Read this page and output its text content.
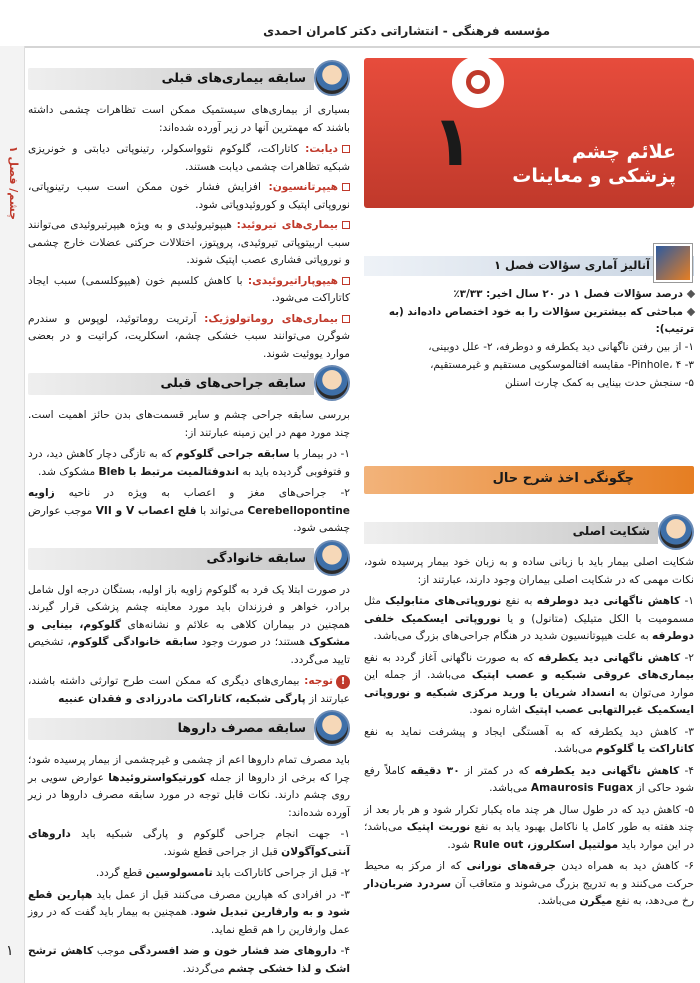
مؤسسه فرهنگی - انتشاراتی دکتر کامران احمدی
چشم/ فصل ۱
۱
سابقه بیماری‌های قبلی

بسیاری از بیماری‌های سیستمیک ممکن است تظاهرات چشمی داشته باشند که مهمترین آنها در زیر آورده شده‌اند:

دیابت: کاتاراکت، گلوکوم نئوواسکولر، رتینوپاتی دیابتی و خونریزی شبکیه تظاهرات چشمی دیابت هستند.
هیپرتانسیون: افزایش فشار خون ممکن است سبب رتینوپاتی، نوروپاتی اپتیک و کوروئیدوپاتی شود.
بیماری‌های تیروئید: هیپوتیروئیدی و به ویژه هیپرتیروئیدی می‌توانند سبب اربیتوپاتی تیروئیدی، پروپتوز، اختلالات حرکتی عضلات خارج چشمی و نوروپاتی فشاری عصب اپتیک شوند.
هیپوپاراتیروئیدی: با کاهش کلسیم خون (هیپوکلسمی) سبب ایجاد کاتاراکت می‌شود.
بیماری‌های روماتولوژیک: آرتریت روماتوئید، لوپوس و سندرم شوگرن می‌توانند سبب خشکی چشم، اسکلریت، کراتیت و در بعضی موارد یووئیت شوند.
سابقه جراحی‌های قبلی

بررسی سابقه جراحی چشم و سایر قسمت‌های بدن حائز اهمیت است. چند مورد مهم در این زمینه عبارتند از:

۱- در بیمار با سابقه جراحی گلوکوم که به تازگی دچار کاهش دید، درد و فتوفوبی گردیده باید به اندوفتالمیت مرتبط با Bleb مشکوک شد.

۲- جراحی‌های مغز و اعصاب به ویژه در ناحیه زاویه Cerebellopontine می‌تواند با فلج اعصاب V و VII موجب عوارض چشمی شود.

سابقه خانوادگی

در صورت ابتلا یک فرد به گلوکوم زاویه باز اولیه، بستگان درجه اول شامل برادر، خواهر و فرزندان باید مورد معاینه چشم پزشکی قرار گیرند. همچنین در بیماران کلاهی به علائم و نشانه‌های گلوکوم، بینایی و مشکوک هستند؛ در صورت وجود سابقه خانوادگی گلوکوم، تشخیص تایید می‌گردد.

!توجه: بیماری‌های دیگری که ممکن است طرح توارثی داشته باشند، عبارتند از پارگی شبکیه، کاتاراکت مادرزادی و فقدان عنبیه

سابقه مصرف داروها

باید مصرف تمام داروها اعم از چشمی و غیرچشمی از بیمار پرسیده شود؛ چرا که برخی از داروها از جمله کورتیکواستروئیدها عوارض سویی بر روی چشم دارند. نکات قابل توجه در مورد سابقه مصرف داروها در زیر آورده شده‌اند:

۱- جهت انجام جراحی گلوکوم و پارگی شبکیه باید داروهای آنتی‌کوآگولان قبل از جراحی قطع شوند.

۲- قبل از جراحی کاتاراکت باید تامسولوسین قطع گردد.

۳- در افرادی که هپارین مصرف می‌کنند قبل از عمل باید هپارین قطع شود و به وارفارین تبدیل شود. همچنین به بیمار باید گفت که در روز عمل وارفارین را هم قطع نماید.

۴- داروهای ضد فشار خون و ضد افسردگی موجب کاهش ترشح اشک و لذا خشکی چشم می‌گردند.

۱	علائم چشم پزشکی و معاینات
آنالیز آماری سؤالات فصل ۱
درصد سؤالات فصل ۱ در ۲۰ سال اخیر: ۳/۳۳٪
مباحثی که بیشترین سؤالات را به خود اختصاص داده‌اند (به ترتیب):
۱- از بین رفتن ناگهانی دید یکطرفه و دوطرفه، ۲- علل دوبینی،
۳- Pinhole، ۴- مقایسه افتالموسکوپی مستقیم و غیرمستقیم،
۵- سنجش حدت بینایی به کمک چارت اسنلن
چگونگی اخذ شرح حال
شکایت اصلی

شکایت اصلی بیمار باید با زبانی ساده و به زبان خود بیمار پرسیده شود، نکات مهمی که در شکایت اصلی بیماران وجود دارند، عبارتند از:

۱- کاهش ناگهانی دید دوطرفه به نفع نوروپاتی‌های متابولیک مثل مسمومیت با الکل متیلیک (متانول) و یا نوروپاتی ایسکمیک خلفی دوطرفه به علت هیپوتانسیون شدید در هنگام جراحی‌های بزرگ می‌باشد.

۲- کاهش ناگهانی دید یکطرفه که به صورت ناگهانی آغاز گردد به نفع بیماری‌های عروقی شبکیه و عصب اپتیک می‌باشد. از جمله این موارد می‌توان به انسداد شریان یا ورید مرکزی شبکیه و نوروپاتی ایسکمیک غیرالتهابی عصب اپتیک اشاره نمود.

۳- کاهش دید یکطرفه که به آهستگی ایجاد و پیشرفت نماید به نفع کاتاراکت یا گلوکوم می‌باشد.

۴- کاهش ناگهانی دید یکطرفه که در کمتر از ۳۰ دقیقه کاملاً رفع شود حاکی از Amaurosis Fugax می‌باشد.

۵- کاهش دید که در طول سال هر چند ماه یکبار تکرار شود و هر بار بعد از چند هفته به طور کامل یا ناکامل بهبود یابد به نفع نوریت اپتیک می‌باشد؛ در این موارد باید مولتیپل اسکلروز، Rule out شود.

۶- کاهش دید به همراه دیدن جرقه‌های نورانی که از مرکز به محیط حرکت می‌کنند و به تدریج بزرگ می‌شوند و متعاقب آن سردرد ضربان‌دار رخ می‌دهد، به نفع میگرن می‌باشد.
